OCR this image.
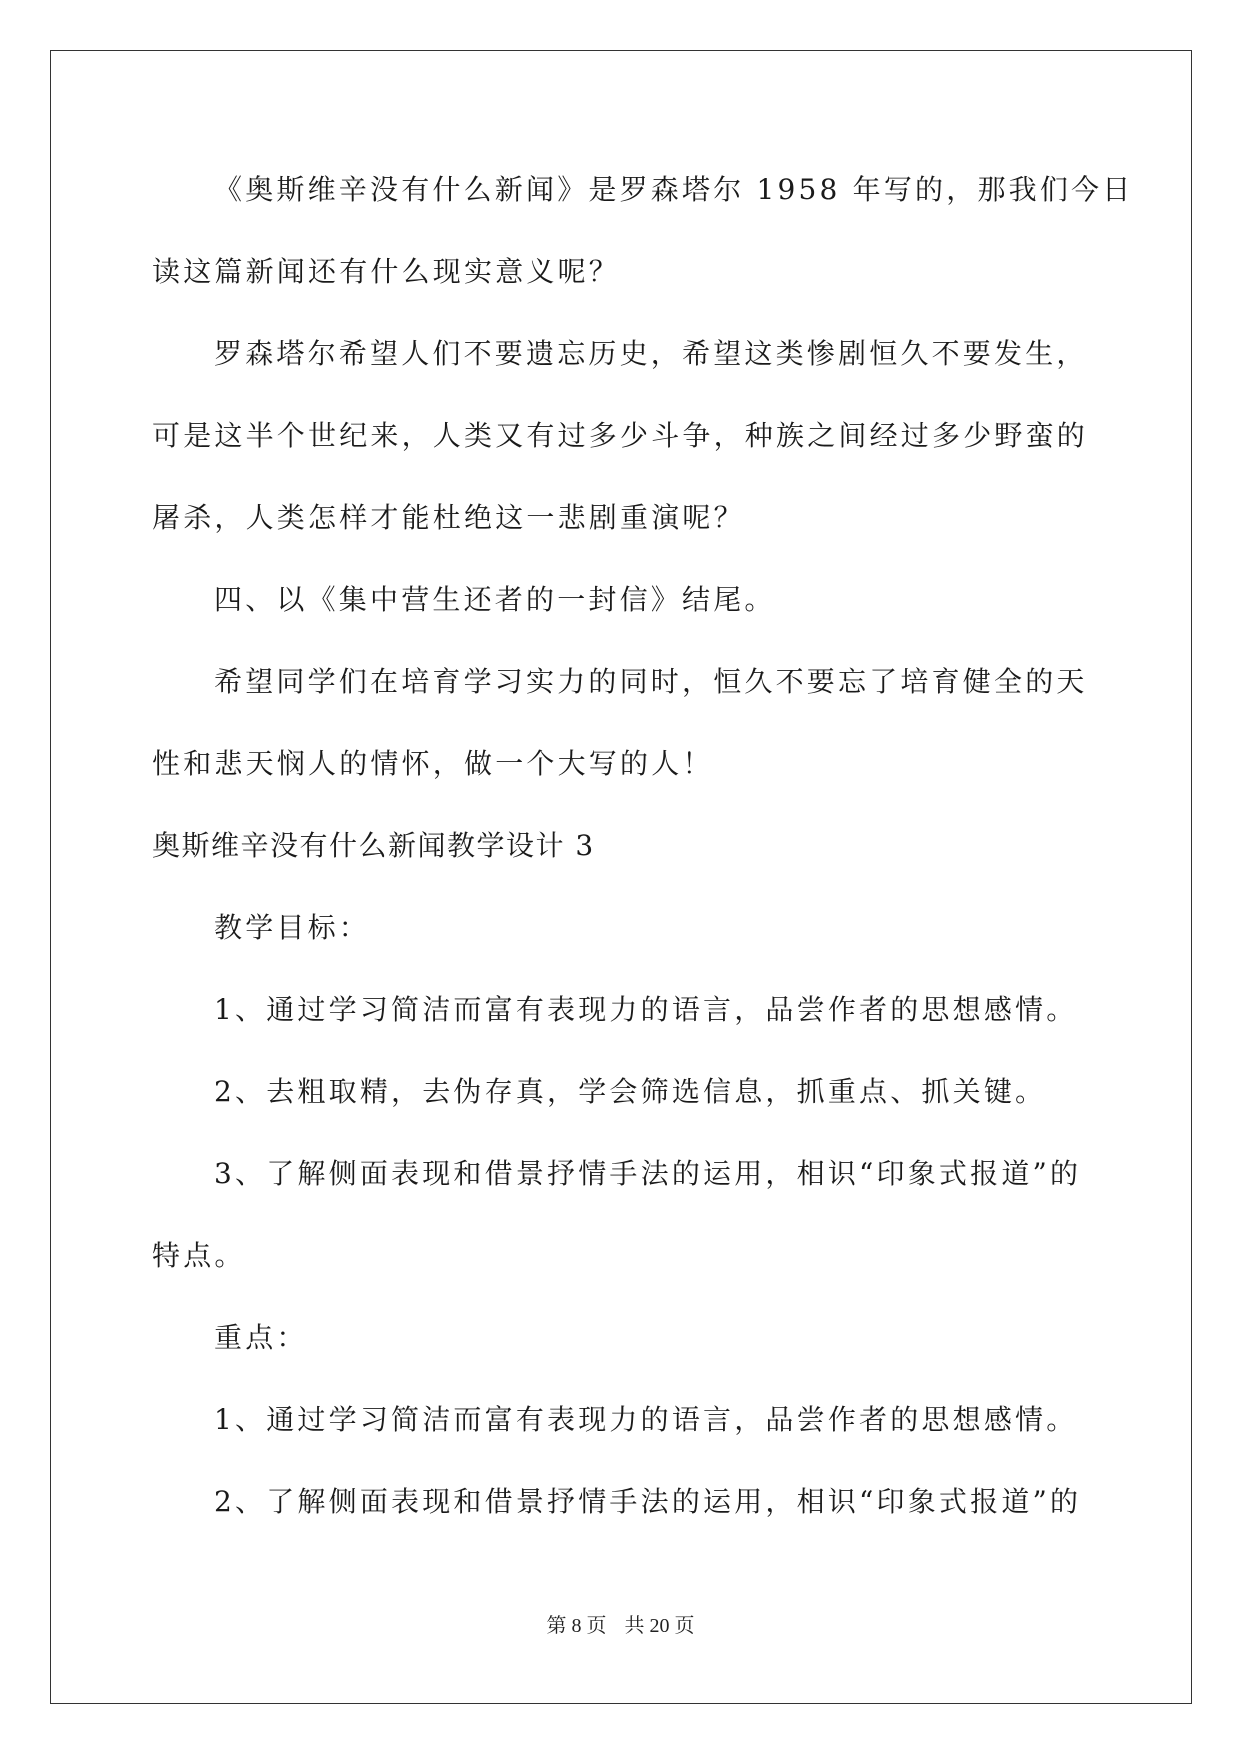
《奥斯维辛没有什么新闻》是罗森塔尔 1958 年写的，那我们今日
读这篇新闻还有什么现实意义呢？
罗森塔尔希望人们不要遗忘历史，希望这类惨剧恒久不要发生，
可是这半个世纪来，人类又有过多少斗争，种族之间经过多少野蛮的
屠杀，人类怎样才能杜绝这一悲剧重演呢？
四、以《集中营生还者的一封信》结尾。
希望同学们在培育学习实力的同时，恒久不要忘了培育健全的天
性和悲天悯人的情怀，做一个大写的人！
奥斯维辛没有什么新闻教学设计 3
教学目标：
1、通过学习简洁而富有表现力的语言，品尝作者的思想感情。
2、去粗取精，去伪存真，学会筛选信息，抓重点、抓关键。
3、了解侧面表现和借景抒情手法的运用，相识“印象式报道”的
特点。
重点：
1、通过学习简洁而富有表现力的语言，品尝作者的思想感情。
2、了解侧面表现和借景抒情手法的运用，相识“印象式报道”的
第 8 页 共 20 页
